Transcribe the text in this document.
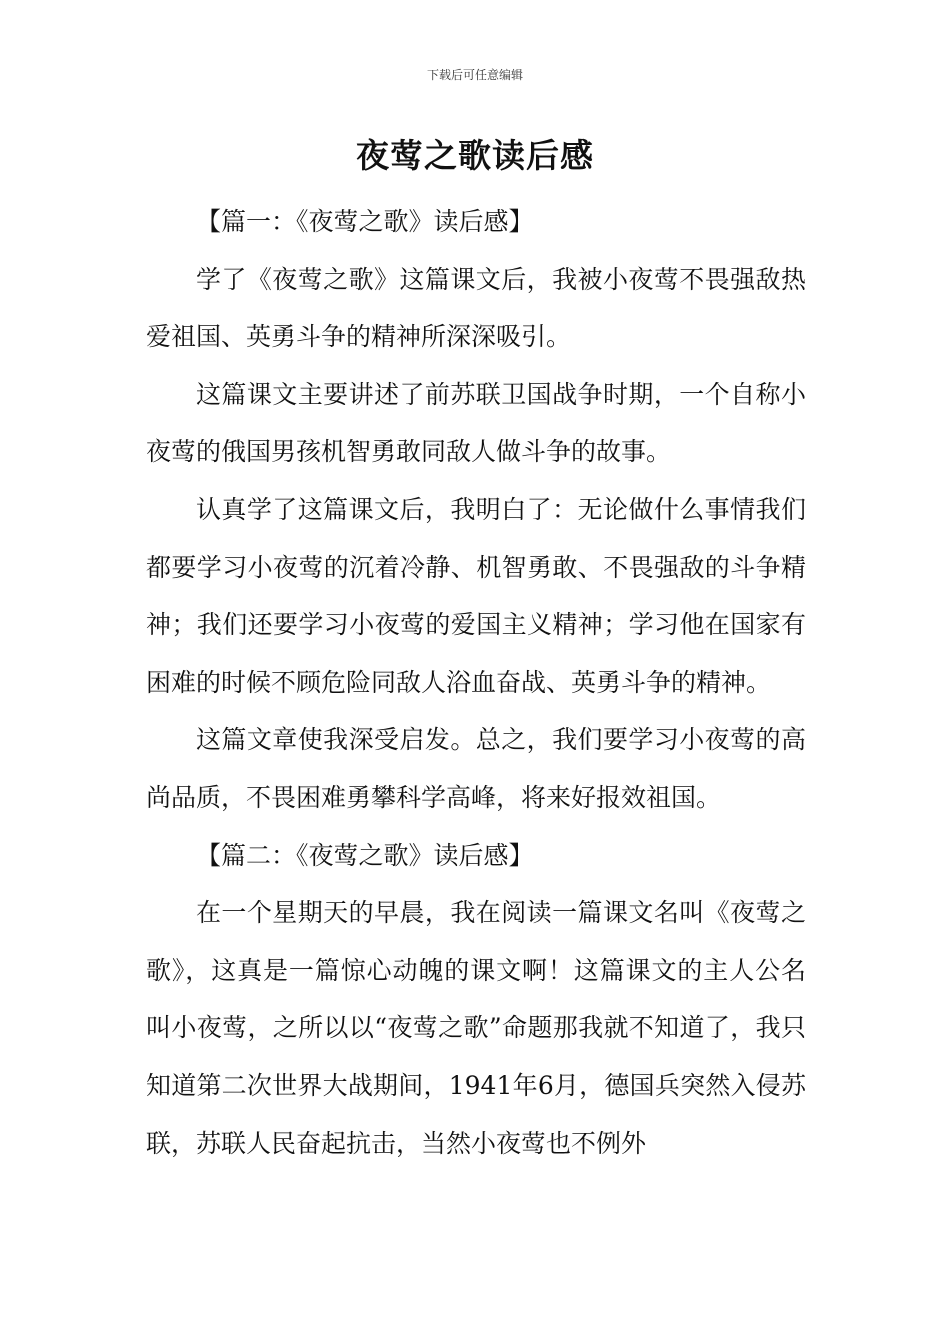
下载后可任意编辑
夜莺之歌读后感

【篇一：《夜莺之歌》读后感】

学了《夜莺之歌》这篇课文后，我被小夜莺不畏强敌热爱祖国、英勇斗争的精神所深深吸引。

这篇课文主要讲述了前苏联卫国战争时期，一个自称小夜莺的俄国男孩机智勇敢同敌人做斗争的故事。

认真学了这篇课文后，我明白了：无论做什么事情我们都要学习小夜莺的沉着冷静、机智勇敢、不畏强敌的斗争精神；我们还要学习小夜莺的爱国主义精神；学习他在国家有困难的时候不顾危险同敌人浴血奋战、英勇斗争的精神。

这篇文章使我深受启发。总之，我们要学习小夜莺的高尚品质，不畏困难勇攀科学高峰，将来好报效祖国。

【篇二：《夜莺之歌》读后感】

在一个星期天的早晨，我在阅读一篇课文名叫《夜莺之歌》，这真是一篇惊心动魄的课文啊！这篇课文的主人公名叫小夜莺，之所以以“夜莺之歌”命题那我就不知道了，我只知道第二次世界大战期间，1941年6月，德国兵突然入侵苏联，苏联人民奋起抗击，当然小夜莺也不例外
